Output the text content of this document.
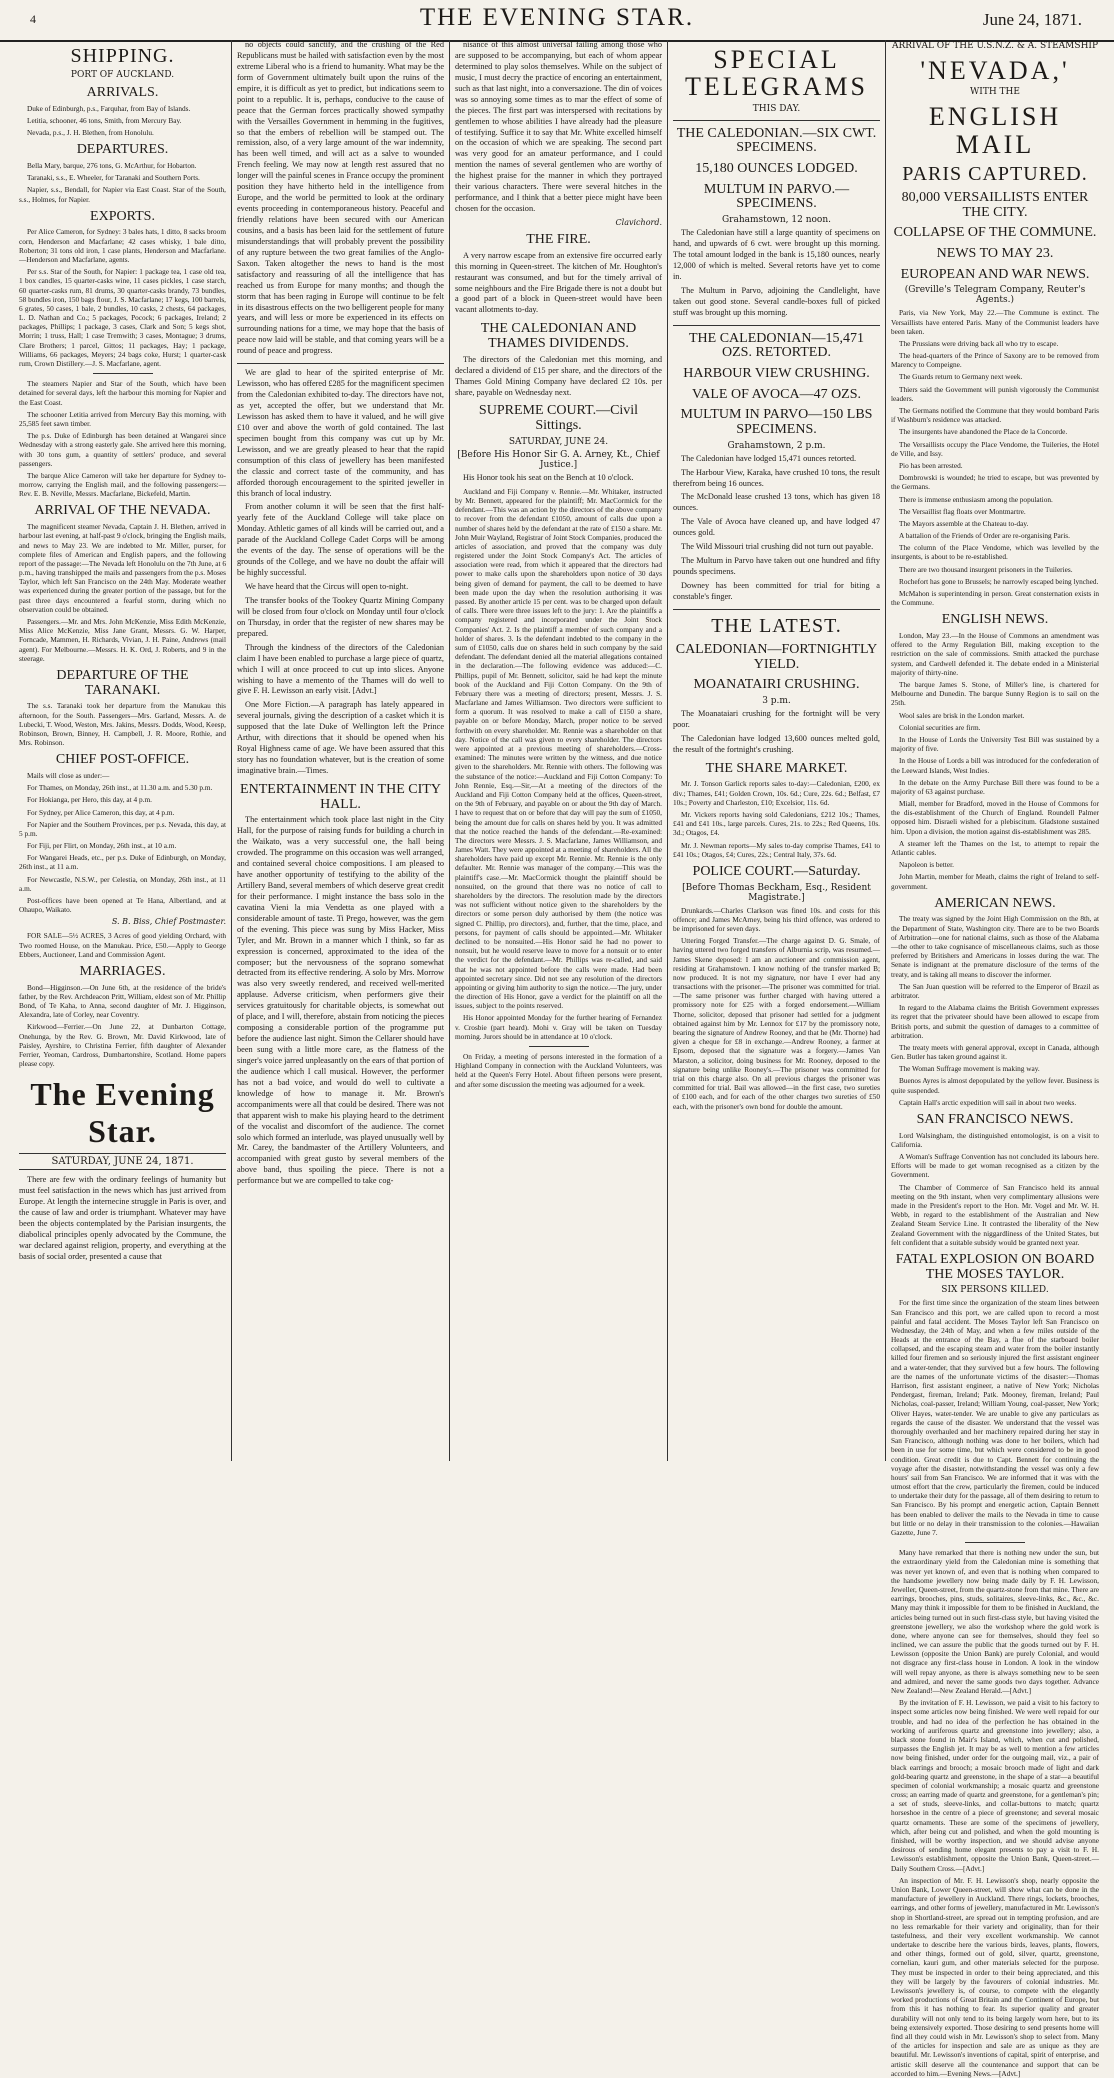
4	THE EVENING STAR.	June 24, 1871.
SHIPPING.
PORT OF AUCKLAND.
ARRIVALS.

Duke of Edinburgh, p.s., Farquhar, from Bay of Islands.

Letitia, schooner, 46 tons, Smith, from Mercury Bay.

Nevada, p.s., J. H. Blethen, from Honolulu.

DEPARTURES.

Bella Mary, barque, 276 tons, G. McArthur, for Hobarton.

Taranaki, s.s., E. Wheeler, for Taranaki and Southern Ports.

Napier, s.s., Bendall, for Napier via East Coast. Star of the South, s.s., Holmes, for Napier.

EXPORTS.

Per Alice Cameron, for Sydney: 3 bales hats, 1 ditto, 8 sacks broom corn, Henderson and Macfarlane; 42 cases whisky, 1 bale ditto, Roberton; 31 tons old iron, 1 case plants, Henderson and Macfarlane.—Henderson and Macfarlane, agents.

Per s.s. Star of the South, for Napier: 1 package tea, 1 case old tea, 1 box candles, 15 quarter-casks wine, 11 cases pickles, 1 case starch, 60 quarter-casks rum, 81 drums, 30 quarter-casks brandy, 73 bundles, 58 bundles iron, 150 bags flour, J. S. Macfarlane; 17 kegs, 100 barrels, 6 grates, 50 cases, 1 bale, 2 bundles, 10 casks, 2 chests, 64 packages, L. D. Nathan and Co.; 5 packages, Pocock; 6 packages, Ireland; 2 packages, Phillips; 1 package, 3 cases, Clark and Son; 5 kegs shot, Morrin; 1 truss, Hall; 1 case Tremwith; 3 cases, Montague; 3 drums, Clare Brothers; 1 parcel, Gittos; 11 packages, Hay; 1 package, Williams, 66 packages, Meyers; 24 bags coke, Hurst; 1 quarter-cask rum, Crown Distillery.—J. S. Macfarlane, agent.

The steamers Napier and Star of the South, which have been detained for several days, left the harbour this morning for Napier and the East Coast.

The schooner Letitia arrived from Mercury Bay this morning, with 25,585 feet sawn timber.

The p.s. Duke of Edinburgh has been detained at Wangarei since Wednesday with a strong easterly gale. She arrived here this morning, with 30 tons gum, a quantity of settlers' produce, and several passengers.

The barque Alice Cameron will take her departure for Sydney to-morrow, carrying the English mail, and the following passengers:—Rev. E. B. Neville, Messrs. Macfarlane, Bickefeld, Martin.

ARRIVAL OF THE NEVADA.

The magnificent steamer Nevada, Captain J. H. Blethen, arrived in harbour last evening, at half-past 9 o'clock, bringing the English mails, and news to May 23. We are indebted to Mr. Miller, purser, for complete files of American and English papers, and the following report of the passage:—The Nevada left Honolulu on the 7th June, at 6 p.m., having transhipped the mails and passengers from the p.s. Moses Taylor, which left San Francisco on the 24th May. Moderate weather was experienced during the greater portion of the passage, but for the past three days encountered a fearful storm, during which no observation could be obtained.

Passengers.—Mr. and Mrs. John McKenzie, Miss Edith McKenzie, Miss Alice McKenzie, Miss Jane Grant, Messrs. G. W. Harper, Forncade, Mammen, H. Richards, Vivian, J. H. Paine, Andrews (mail agent). For Melbourne.—Messrs. H. K. Ord, J. Roberts, and 9 in the steerage.

DEPARTURE OF THE TARANAKI.

The s.s. Taranaki took her departure from the Manukau this afternoon, for the South. Passengers—Mrs. Garland, Messrs. A. de Lubecki, T. Wood, Weston, Mrs. Jakins, Messrs. Dodds, Wood, Keesp, Robinson, Brown, Binney, H. Campbell, J. R. Moore, Rothie, and Mrs. Robinson.

CHIEF POST-OFFICE.

Mails will close as under:—

For Thames, on Monday, 26th inst., at 11.30 a.m. and 5.30 p.m.

For Hokianga, per Hero, this day, at 4 p.m.

For Sydney, per Alice Cameron, this day, at 4 p.m.

For Napier and the Southern Provinces, per p.s. Nevada, this day, at 5 p.m.

For Fiji, per Flirt, on Monday, 26th inst., at 10 a.m.

For Wangarei Heads, etc., per p.s. Duke of Edinburgh, on Monday, 26th inst., at 11 a.m.

For Newcastle, N.S.W., per Celestia, on Monday, 26th inst., at 11 a.m.

Post-offices have been opened at Te Hana, Albertland, and at Ohaupo, Waikato.

S. B. Biss, Chief Postmaster.

FOR SALE—5½ ACRES, 3 Acres of good yielding Orchard, with Two roomed House, on the Manukau. Price, £50.—Apply to George Ebbers, Auctioneer, Land and Commission Agent.

MARRIAGES.

Bond—Higginson.—On June 6th, at the residence of the bride's father, by the Rev. Archdeacon Pritt, William, eldest son of Mr. Phillip Bond, of Te Kaha, to Anna, second daughter of Mr. J. Higginson, Alexandra, late of Corley, near Coventry.

Kirkwood—Ferrier.—On June 22, at Dunbarton Cottage, Onehunga, by the Rev. G. Brown, Mr. David Kirkwood, late of Paisley, Ayrshire, to Christina Ferrier, fifth daughter of Alexander Ferrier, Yeoman, Cardross, Dumbartonshire, Scotland. Home papers please copy.

The Evening Star.
SATURDAY, JUNE 24, 1871.

There are few with the ordinary feelings of humanity but must feel satisfaction in the news which has just arrived from Europe. At length the internecine struggle in Paris is over, and the cause of law and order is triumphant. Whatever may have been the objects contemplated by the Parisian insurgents, the diabolical principles openly advocated by the Commune, the war declared against religion, property, and everything at the basis of social order, presented a cause that

no objects could sanctify, and the crushing of the Red Republicans must be hailed with satisfaction even by the most extreme Liberal who is a friend to humanity. What may be the form of Government ultimately built upon the ruins of the empire, it is difficult as yet to predict, but indications seem to point to a republic. It is, perhaps, conducive to the cause of peace that the German forces practically showed sympathy with the Versailles Government in hemming in the fugitives, so that the embers of rebellion will be stamped out. The remission, also, of a very large amount of the war indemnity, has been well timed, and will act as a salve to wounded French feeling. We may now at length rest assured that no longer will the painful scenes in France occupy the prominent position they have hitherto held in the intelligence from Europe, and the world be permitted to look at the ordinary events proceeding in contemporaneous history. Peaceful and friendly relations have been secured with our American cousins, and a basis has been laid for the settlement of future misunderstandings that will probably prevent the possibility of any rupture between the two great families of the Anglo-Saxon. Taken altogether the news to hand is the most satisfactory and reassuring of all the intelligence that has reached us from Europe for many months; and though the storm that has been raging in Europe will continue to be felt in its disastrous effects on the two belligerent people for many years, and will less or more be experienced in its effects on surrounding nations for a time, we may hope that the basis of peace now laid will be stable, and that coming years will be a round of peace and progress.

We are glad to hear of the spirited enterprise of Mr. Lewisson, who has offered £285 for the magnificent specimen from the Caledonian exhibited to-day. The directors have not, as yet, accepted the offer, but we understand that Mr. Lewisson has asked them to have it valued, and he will give £10 over and above the worth of gold contained. The last specimen bought from this company was cut up by Mr. Lewisson, and we are greatly pleased to hear that the rapid consumption of this class of jewellery has been manifested the classic and correct taste of the community, and has afforded thorough encouragement to the spirited jeweller in this branch of local industry.

From another column it will be seen that the first half-yearly fete of the Auckland College will take place on Monday. Athletic games of all kinds will be carried out, and a parade of the Auckland College Cadet Corps will be among the events of the day. The sense of operations will be the grounds of the College, and we have no doubt the affair will be highly successful.

We have heard that the Circus will open to-night.

The transfer books of the Tookey Quartz Mining Company will be closed from four o'clock on Monday until four o'clock on Thursday, in order that the register of new shares may be prepared.

Through the kindness of the directors of the Caledonian claim I have been enabled to purchase a large piece of quartz, which I will at once proceed to cut up into slices. Anyone wishing to have a memento of the Thames will do well to give F. H. Lewisson an early visit. [Advt.]

One More Fiction.—A paragraph has lately appeared in several journals, giving the description of a casket which it is supposed that the late Duke of Wellington left the Prince Arthur, with directions that it should be opened when his Royal Highness came of age. We have been assured that this story has no foundation whatever, but is the creation of some imaginative brain.—Times.

ENTERTAINMENT IN THE CITY HALL.

The entertainment which took place last night in the City Hall, for the purpose of raising funds for building a church in the Waikato, was a very successful one, the hall being crowded. The programme on this occasion was well arranged, and contained several choice compositions. I am pleased to have another opportunity of testifying to the ability of the Artillery Band, several members of which deserve great credit for their performance. I might instance the bass solo in the cavatina Vieni la mia Vendetta as one played with a considerable amount of taste. Ti Prego, however, was the gem of the evening. This piece was sung by Miss Hacker, Miss Tyler, and Mr. Brown in a manner which I think, so far as expression is concerned, approximated to the idea of the composer; but the nervousness of the soprano somewhat detracted from its effective rendering. A solo by Mrs. Morrow was also very sweetly rendered, and received well-merited applause. Adverse criticism, when performers give their services gratuitously for charitable objects, is somewhat out of place, and I will, therefore, abstain from noticing the pieces composing a considerable portion of the programme put before the audience last night. Simon the Cellarer should have been sung with a little more care, as the flatness of the singer's voice jarred unpleasantly on the ears of that portion of the audience which I call musical. However, the performer has not a bad voice, and would do well to cultivate a knowledge of how to manage it. Mr. Brown's accompaniments were all that could be desired. There was not that apparent wish to make his playing heard to the detriment of the vocalist and discomfort of the audience. The cornet solo which formed an interlude, was played unusually well by Mr. Carey, the bandmaster of the Artillery Volunteers, and accompanied with great gusto by several members of the above band, thus spoiling the piece. There is not a performance but we are compelled to take cog-

nisance of this almost universal failing among those who are supposed to be accompanying, but each of whom appear determined to play solos themselves. While on the subject of music, I must decry the practice of encoring an entertainment, such as that last night, into a conversazione. The din of voices was so annoying some times as to mar the effect of some of the pieces. The first part was interspersed with recitations by gentlemen to whose abilities I have already had the pleasure of testifying. Suffice it to say that Mr. White excelled himself on the occasion of which we are speaking. The second part was very good for an amateur performance, and I could mention the names of several gentlemen who are worthy of the highest praise for the manner in which they portrayed their various characters. There were several hitches in the performance, and I think that a better piece might have been chosen for the occasion.

Clavichord.
THE FIRE.

A very narrow escape from an extensive fire occurred early this morning in Queen-street. The kitchen of Mr. Houghton's restaurant was consumed, and but for the timely arrival of some neighbours and the Fire Brigade there is not a doubt but a good part of a block in Queen-street would have been vacant allotments to-day.

THE CALEDONIAN AND THAMES DIVIDENDS.

The directors of the Caledonian met this morning, and declared a dividend of £15 per share, and the directors of the Thames Gold Mining Company have declared £2 10s. per share, payable on Wednesday next.

SUPREME COURT.—Civil Sittings.
SATURDAY, JUNE 24.
[Before His Honor Sir G. A. Arney, Kt., Chief Justice.]

His Honor took his seat on the Bench at 10 o'clock.

Auckland and Fiji Company v. Rennie.—Mr. Whitaker, instructed by Mr. Bennett, appeared for the plaintiff; Mr. MacCormick for the defendant.—This was an action by the directors of the above company to recover from the defendant £1050, amount of calls due upon a number of shares held by the defendant at the rate of £150 a share. Mr. John Muir Wayland, Registrar of Joint Stock Companies, produced the articles of association, and proved that the company was duly registered under the Joint Stock Company's Act. The articles of association were read, from which it appeared that the directors had power to make calls upon the shareholders upon notice of 30 days being given of demand for payment, the call to be deemed to have been made upon the day when the resolution authorising it was passed. By another article 15 per cent. was to be charged upon default of calls. There were three issues left to the jury: 1. Are the plaintiffs a company registered and incorporated under the Joint Stock Companies' Act. 2. Is the plaintiff a member of such company and a holder of shares. 3. Is the defendant indebted to the company in the sum of £1050, calls due on shares held in such company by the said defendant. The defendant denied all the material allegations contained in the declaration.—The following evidence was adduced:—C. Phillips, pupil of Mr. Bennett, solicitor, said he had kept the minute book of the Auckland and Fiji Cotton Company. On the 9th of February there was a meeting of directors; present, Messrs. J. S. Macfarlane and James Williamson. Two directors were sufficient to form a quorum. It was resolved to make a call of £150 a share, payable on or before Monday, March, proper notice to be served forthwith on every shareholder. Mr. Rennie was a shareholder on that day. Notice of the call was given to every shareholder. The directors were appointed at a previous meeting of shareholders.—Cross-examined: The minutes were written by the witness, and due notice given to the shareholders. Mr. Rennie with others. The following was the substance of the notice:—Auckland and Fiji Cotton Company: To John Rennie, Esq.—Sir,—At a meeting of the directors of the Auckland and Fiji Cotton Company held at the offices, Queen-street, on the 9th of February, and payable on or about the 9th day of March. I have to request that on or before that day will pay the sum of £1050, being the amount due for calls on shares held by you. It was admitted that the notice reached the hands of the defendant.—Re-examined: The directors were Messrs. J. S. Macfarlane, James Williamson, and James Watt. They were appointed at a meeting of shareholders. All the shareholders have paid up except Mr. Rennie. Mr. Rennie is the only defaulter. Mr. Rennie was manager of the company.—This was the plaintiff's case.—Mr. MacCormick thought the plaintiff should be nonsuited, on the ground that there was no notice of call to shareholders by the directors. The resolution made by the directors was not sufficient without notice given to the shareholders by the directors or some person duly authorised by them (the notice was signed C. Phillip, pro directors), and, further, that the time, place, and persons, for payment of calls should be appointed.—Mr. Whitaker declined to be nonsuited.—His Honor said he had no power to nonsuit, but he would reserve leave to move for a nonsuit or to enter the verdict for the defendant.—Mr. Phillips was re-called, and said that he was not appointed before the calls were made. Had been appointed secretary since. Did not see any resolution of the directors appointing or giving him authority to sign the notice.—The jury, under the direction of His Honor, gave a verdict for the plaintiff on all the issues, subject to the points reserved.

His Honor appointed Monday for the further hearing of Fernandez v. Crosbie (part heard). Mohi v. Gray will be taken on Tuesday morning. Jurors should be in attendance at 10 o'clock.

On Friday, a meeting of persons interested in the formation of a Highland Company in connection with the Auckland Volunteers, was held at the Queen's Ferry Hotel. About fifteen persons were present, and after some discussion the meeting was adjourned for a week.

SPECIAL TELEGRAMS
THIS DAY.
THE CALEDONIAN.—SIX CWT. SPECIMENS.
15,180 OUNCES LODGED.
MULTUM IN PARVO.—SPECIMENS.
Grahamstown, 12 noon.

The Caledonian have still a large quantity of specimens on hand, and upwards of 6 cwt. were brought up this morning. The total amount lodged in the bank is 15,180 ounces, nearly 12,000 of which is melted. Several retorts have yet to come in.

The Multum in Parvo, adjoining the Candlelight, have taken out good stone. Several candle-boxes full of picked stuff was brought up this morning.

THE CALEDONIAN—15,471 OZS. RETORTED.
HARBOUR VIEW CRUSHING.
VALE OF AVOCA—47 OZS.
MULTUM IN PARVO—150 LBS SPECIMENS.
Grahamstown, 2 p.m.

The Caledonian have lodged 15,471 ounces retorted.

The Harbour View, Karaka, have crushed 10 tons, the result therefrom being 16 ounces.

The McDonald lease crushed 13 tons, which has given 18 ounces.

The Vale of Avoca have cleaned up, and have lodged 47 ounces gold.

The Wild Missouri trial crushing did not turn out payable.

The Multum in Parvo have taken out one hundred and fifty pounds specimens.

Downey has been committed for trial for biting a constable's finger.

THE LATEST.
CALEDONIAN—FORTNIGHTLY YIELD.
MOANATAIRI CRUSHING.
3 p.m.

The Moanataiari crushing for the fortnight will be very poor.

The Caledonian have lodged 13,600 ounces melted gold, the result of the fortnight's crushing.

THE SHARE MARKET.

Mr. J. Tonson Garlick reports sales to-day:—Caledonian, £200, ex div.; Thames, £41; Golden Crown, 10s. 6d.; Cure, 22s. 6d.; Belfast, £7 10s.; Poverty and Charleston, £10; Excelsior, 11s. 6d.

Mr. Vickers reports having sold Caledonians, £212 10s.; Thames, £41 and £41 10s., large parcels. Cures, 21s. to 22s.; Red Queens, 10s. 3d.; Otagos, £4.

Mr. J. Newman reports—My sales to-day comprise Thames, £41 to £41 10s.; Otagos, £4; Cures, 22s.; Central Italy, 37s. 6d.

POLICE COURT.—Saturday.
[Before Thomas Beckham, Esq., Resident Magistrate.]

Drunkards.—Charles Clarkson was fined 10s. and costs for this offence; and James McArney, being his third offence, was ordered to be imprisoned for seven days.

Uttering Forged Transfer.—The charge against D. G. Smale, of having uttered two forged transfers of Alburnia scrip, was resumed.—James Skene deposed: I am an auctioneer and commission agent, residing at Grahamstown. I know nothing of the transfer marked B; now produced. It is not my signature, nor have I ever had any transactions with the prisoner.—The prisoner was committed for trial.—The same prisoner was further charged with having uttered a promissory note for £25 with a forged endorsement.—William Thorne, solicitor, deposed that prisoner had settled for a judgment obtained against him by Mr. Lennox for £17 by the promissory note, bearing the signature of Andrew Rooney, and that he (Mr. Thorne) had given a cheque for £8 in exchange.—Andrew Rooney, a farmer at Epsom, deposed that the signature was a forgery.—James Van Marston, a solicitor, doing business for Mr. Rooney, deposed to the signature being unlike Rooney's.—The prisoner was committed for trial on this charge also. On all previous charges the prisoner was committed for trial. Bail was allowed—in the first case, two sureties of £100 each, and for each of the other charges two sureties of £50 each, with the prisoner's own bond for double the amount.

ARRIVAL OF THE U.S.N.Z. & A. STEAMSHIP
'NEVADA,'
WITH THE
ENGLISH MAIL
PARIS CAPTURED.
80,000 VERSAILLISTS ENTER THE CITY.
COLLAPSE OF THE COMMUNE.
NEWS TO MAY 23.
EUROPEAN AND WAR NEWS.
(Greville's Telegram Company, Reuter's Agents.)

Paris, via New York, May 22.—The Commune is extinct. The Versaillists have entered Paris. Many of the Communist leaders have been taken.

The Prussians were driving back all who try to escape.

The head-quarters of the Prince of Saxony are to be removed from Marency to Compeigne.

The Guards return to Germany next week.

Thiers said the Government will punish vigorously the Communist leaders.

The Germans notified the Commune that they would bombard Paris if Washburn's residence was attacked.

The insurgents have abandoned the Place de la Concorde.

The Versaillists occupy the Place Vendome, the Tuileries, the Hotel de Ville, and Issy.

Pio has been arrested.

Dombrowski is wounded; he tried to escape, but was prevented by the Germans.

There is immense enthusiasm among the population.

The Versaillist flag floats over Montmartre.

The Mayors assemble at the Chateau to-day.

A battalion of the Friends of Order are re-organising Paris.

The column of the Place Vendome, which was levelled by the insurgents, is about to be re-established.

There are two thousand insurgent prisoners in the Tuileries.

Rochefort has gone to Brussels; he narrowly escaped being lynched.

McMahon is superintending in person. Great consternation exists in the Commune.

ENGLISH NEWS.

London, May 23.—In the House of Commons an amendment was offered to the Army Regulation Bill, making exception to the restriction on the sale of commissions. Smith attacked the purchase system, and Cardwell defended it. The debate ended in a Ministerial majority of thirty-nine.

The barque James S. Stone, of Miller's line, is chartered for Melbourne and Dunedin. The barque Sunny Region is to sail on the 25th.

Wool sales are brisk in the London market.

Colonial securities are firm.

In the House of Lords the University Test Bill was sustained by a majority of five.

In the House of Lords a bill was introduced for the confederation of the Leeward Islands, West Indies.

In the debate on the Army Purchase Bill there was found to be a majority of 63 against purchase.

Miall, member for Bradford, moved in the House of Commons for the dis-establishment of the Church of England. Roundell Palmer opposed him. Disraeli wished for a plebiscitum. Gladstone sustained him. Upon a division, the motion against dis-establishment was 285.

A steamer left the Thames on the 1st, to attempt to repair the Atlantic cables.

Napoleon is better.

John Martin, member for Meath, claims the right of Ireland to self-government.

AMERICAN NEWS.

The treaty was signed by the Joint High Commission on the 8th, at the Department of State, Washington city. There are to be two Boards of Arbitration—one for national claims, such as those of the Alabama—the other to take cognisance of miscellaneous claims, such as those preferred by Britishers and Americans in losses during the war. The Senate is indignant at the premature disclosure of the terms of the treaty, and is taking all means to discover the informer.

The San Juan question will be referred to the Emperor of Brazil as arbitrator.

In regard to the Alabama claims the British Government expresses its regret that the privateer should have been allowed to escape from British ports, and submit the question of damages to a committee of arbitration.

The treaty meets with general approval, except in Canada, although Gen. Butler has taken ground against it.

The Woman Suffrage movement is making way.

Buenos Ayres is almost depopulated by the yellow fever. Business is quite suspended.

Captain Hall's arctic expedition will sail in about two weeks.

SAN FRANCISCO NEWS.

Lord Walsingham, the distinguished entomologist, is on a visit to California.

A Woman's Suffrage Convention has not concluded its labours here. Efforts will be made to get woman recognised as a citizen by the Government.

The Chamber of Commerce of San Francisco held its annual meeting on the 9th instant, when very complimentary allusions were made in the President's report to the Hon. Mr. Vogel and Mr. W. H. Webb, in regard to the establishment of the Australian and New Zealand Steam Service Line. It contrasted the liberality of the New Zealand Government with the niggardliness of the United States, but felt confident that a suitable subsidy would be granted next year.

FATAL EXPLOSION ON BOARD THE MOSES TAYLOR.
SIX PERSONS KILLED.

For the first time since the organization of the steam lines between San Francisco and this port, we are called upon to record a most painful and fatal accident. The Moses Taylor left San Francisco on Wednesday, the 24th of May, and when a few miles outside of the Heads at the entrance of the Bay, a flue of the starboard boiler collapsed, and the escaping steam and water from the boiler instantly killed four firemen and so seriously injured the first assistant engineer and a water-tender, that they survived but a few hours. The following are the names of the unfortunate victims of the disaster:—Thomas Harrison, first assistant engineer, a native of New York; Nicholas Pendergast, fireman, Ireland; Patk. Mooney, fireman, Ireland; Paul Nicholas, coal-passer, Ireland; William Young, coal-passer, New York; Oliver Hayes, water-tender. We are unable to give any particulars as regards the cause of the disaster. We understand that the vessel was thoroughly overhauled and her machinery repaired during her stay in San Francisco, although nothing was done to her boilers, which had been in use for some time, but which were considered to be in good condition. Great credit is due to Capt. Bennett for continuing the voyage after the disaster, notwithstanding the vessel was only a few hours' sail from San Francisco. We are informed that it was with the utmost effort that the crew, particularly the firemen, could be induced to undertake their duty for the passage, all of them desiring to return to San Francisco. By his prompt and energetic action, Captain Bennett has been enabled to deliver the mails to the Nevada in time to cause but little or no delay in their transmission to the colonies.—Hawaiian Gazette, June 7.

Many have remarked that there is nothing new under the sun, but the extraordinary yield from the Caledonian mine is something that was never yet known of, and even that is nothing when compared to the handsome jewellery now being made daily by F. H. Lewisson, Jeweller, Queen-street, from the quartz-stone from that mine. There are earrings, brooches, pins, studs, solitaires, sleeve-links, &c., &c., &c. Many may think it impossible for them to be finished in Auckland, the articles being turned out in such first-class style, but having visited the greenstone jewellery, we also the workshop where the gold work is done, where anyone can see for themselves, should they feel so inclined, we can assure the public that the goods turned out by F. H. Lewisson (opposite the Union Bank) are purely Colonial, and would not disgrace any first-class house in London. A look in the window will well repay anyone, as there is always something new to be seen and admired, and never the same goods two days together. Advance New Zealand!—New Zealand Herald.—[Advt.]

By the invitation of F. H. Lewisson, we paid a visit to his factory to inspect some articles now being finished. We were well repaid for our trouble, and had no idea of the perfection he has obtained in the working of auriferous quartz and greenstone into jewellery; also, a black stone found in Mair's Island, which, when cut and polished, surpasses the English jet. It may be as well to mention a few articles now being finished, under order for the outgoing mail, viz., a pair of black earrings and brooch; a mosaic brooch made of light and dark gold-bearing quartz and greenstone, in the shape of a star—a beautiful specimen of colonial workmanship; a mosaic quartz and greenstone cross; an earring made of quartz and greenstone, for a gentleman's pin; a set of studs, sleeve-links, and collar-buttons to match; quartz horseshoe in the centre of a piece of greenstone; and several mosaic quartz ornaments. These are some of the specimens of jewellery, which, after being cut and polished, and when the gold mounting is finished, will be worthy inspection, and we should advise anyone desirous of sending home elegant presents to pay a visit to F. H. Lewisson's establishment, opposite the Union Bank, Queen-street.—Daily Southern Cross.—[Advt.]

An inspection of Mr. F. H. Lewisson's shop, nearly opposite the Union Bank, Lower Queen-street, will show what can be done in the manufacture of jewellery in Auckland. There rings, lockets, brooches, earrings, and other forms of jewellery, manufactured in Mr. Lewisson's shop in Shortland-street, are spread out in tempting profusion, and are no less remarkable for their variety and originality, than for their tastefulness, and their very excellent workmanship. We cannot undertake to describe here the various birds, leaves, plants, flowers, and other things, formed out of gold, silver, quartz, greenstone, cornelian, kauri gum, and other materials selected for the purpose. They must be inspected in order to their being appreciated, and this they will be largely by the favourers of colonial industries. Mr. Lewisson's jewellery is, of course, to compete with the elegantly worked productions of Great Britain and the Continent of Europe, but from this it has nothing to fear. Its superior quality and greater durability will not only tend to its being largely worn here, but to its being extensively exported. Those desiring to send presents home will find all they could wish in Mr. Lewisson's shop to select from. Many of the articles for inspection and sale are as unique as they are beautiful. Mr. Lewisson's inventions of capital, spirit of enterprise, and artistic skill deserve all the countenance and support that can be accorded to him.—Evening News.—[Advt.]
